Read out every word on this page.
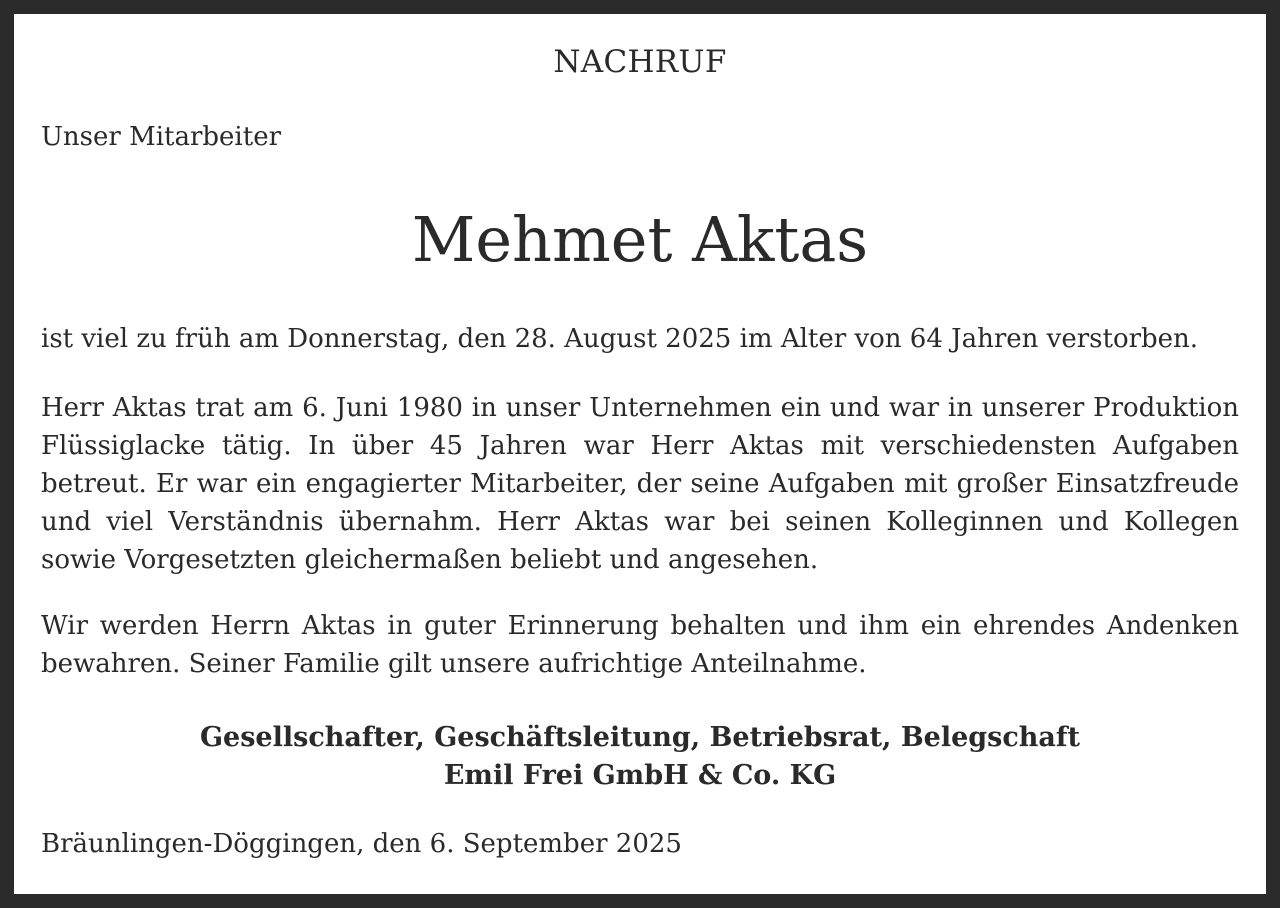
NACHRUF
Unser Mitarbeiter
Mehmet Aktas
ist viel zu früh am Donnerstag, den 28. August 2025 im Alter von 64 Jahren verstorben.
Herr Aktas trat am 6. Juni 1980 in unser Unternehmen ein und war in unserer Produktion Flüssiglacke tätig. In über 45 Jahren war Herr Aktas mit verschiedensten Aufgaben betreut. Er war ein engagierter Mitarbeiter, der seine Aufgaben mit großer Einsatzfreude und viel Verständnis übernahm. Herr Aktas war bei seinen Kolleginnen und Kollegen sowie Vorgesetzten gleichermaßen beliebt und angesehen.
Wir werden Herrn Aktas in guter Erinnerung behalten und ihm ein ehrendes Andenken bewahren. Seiner Familie gilt unsere aufrichtige Anteilnahme.
Gesellschafter, Geschäftsleitung, Betriebsrat, Belegschaft
Emil Frei GmbH & Co. KG
Bräunlingen-Döggingen, den 6. September 2025
